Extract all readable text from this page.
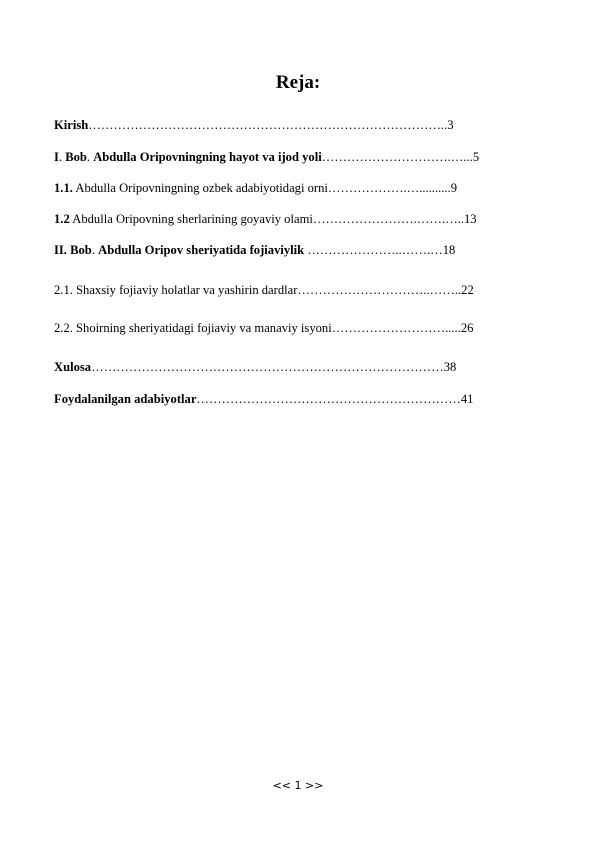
Reja:
Kirish…………………………………………………………………………..3
I. Bob. Abdulla Oripovningning hayot va ijod yoli………………………….…...5
1.1. Abdulla Oripovningning ozbek adabiyotidagi orni……………….…..........9
1.2 Abdulla Oripovning sherlarining goyaviy olami…………………….…….…..13
II. Bob. Abdulla Oripov sheriyatida fojiaviylik …………………..…….…18
2.1. Shaxsiy fojiaviy holatlar va yashirin dardlar…………………………..……..22
2.2. Shoirning sheriyatidagi fojiaviy va manaviy isyoni……………………….....26
Xulosa…………………………………………………………………………38
Foydalanilgan adabiyotlar………………………………………………………41
<< 1 >>
